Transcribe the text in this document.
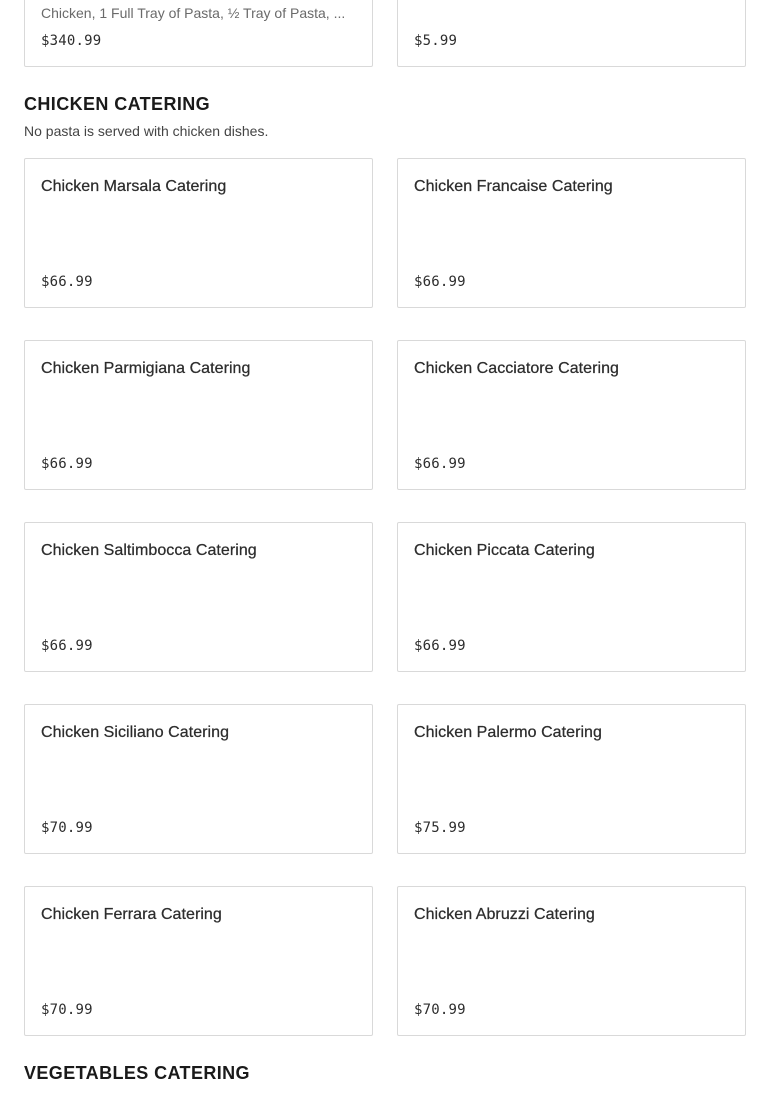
Chicken, 1 Full Tray of Pasta, ½ Tray of Pasta, ...
$340.99	$5.99
CHICKEN CATERING

No pasta is served with chicken dishes.

Chicken Marsala Catering
$66.99
Chicken Francaise Catering
$66.99
Chicken Parmigiana Catering
$66.99
Chicken Cacciatore Catering
$66.99
Chicken Saltimbocca Catering
$66.99
Chicken Piccata Catering
$66.99
Chicken Siciliano Catering
$70.99
Chicken Palermo Catering
$75.99
Chicken Ferrara Catering
$70.99
Chicken Abruzzi Catering
$70.99
VEGETABLES CATERING
